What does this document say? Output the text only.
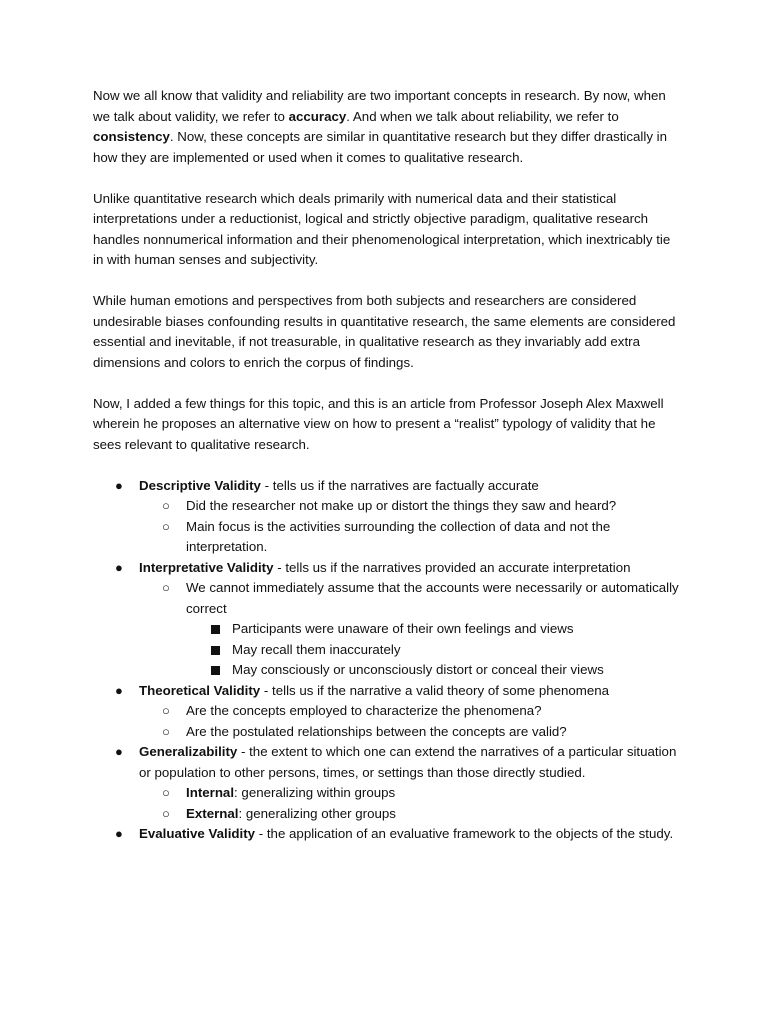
Now we all know that validity and reliability are two important concepts in research. By now, when we talk about validity, we refer to accuracy. And when we talk about reliability, we refer to consistency. Now, these concepts are similar in quantitative research but they differ drastically in how they are implemented or used when it comes to qualitative research.

Unlike quantitative research which deals primarily with numerical data and their statistical interpretations under a reductionist, logical and strictly objective paradigm, qualitative research handles nonnumerical information and their phenomenological interpretation, which inextricably tie in with human senses and subjectivity.

While human emotions and perspectives from both subjects and researchers are considered undesirable biases confounding results in quantitative research, the same elements are considered essential and inevitable, if not treasurable, in qualitative research as they invariably add extra dimensions and colors to enrich the corpus of findings.

Now, I added a few things for this topic, and this is an article from Professor Joseph Alex Maxwell wherein he proposes an alternative view on how to present a “realist” typology of validity that he sees relevant to qualitative research.

● Descriptive Validity - tells us if the narratives are factually accurate
○ Did the researcher not make up or distort the things they saw and heard?
○ Main focus is the activities surrounding the collection of data and not the interpretation.
● Interpretative Validity - tells us if the narratives provided an accurate interpretation
○ We cannot immediately assume that the accounts were necessarily or automatically correct
Participants were unaware of their own feelings and views
May recall them inaccurately
May consciously or unconsciously distort or conceal their views
● Theoretical Validity - tells us if the narrative a valid theory of some phenomena
○ Are the concepts employed to characterize the phenomena?
○ Are the postulated relationships between the concepts are valid?
● Generalizability - the extent to which one can extend the narratives of a particular situation or population to other persons, times, or settings than those directly studied.
○ Internal: generalizing within groups
○ External: generalizing other groups
● Evaluative Validity - the application of an evaluative framework to the objects of the study.
